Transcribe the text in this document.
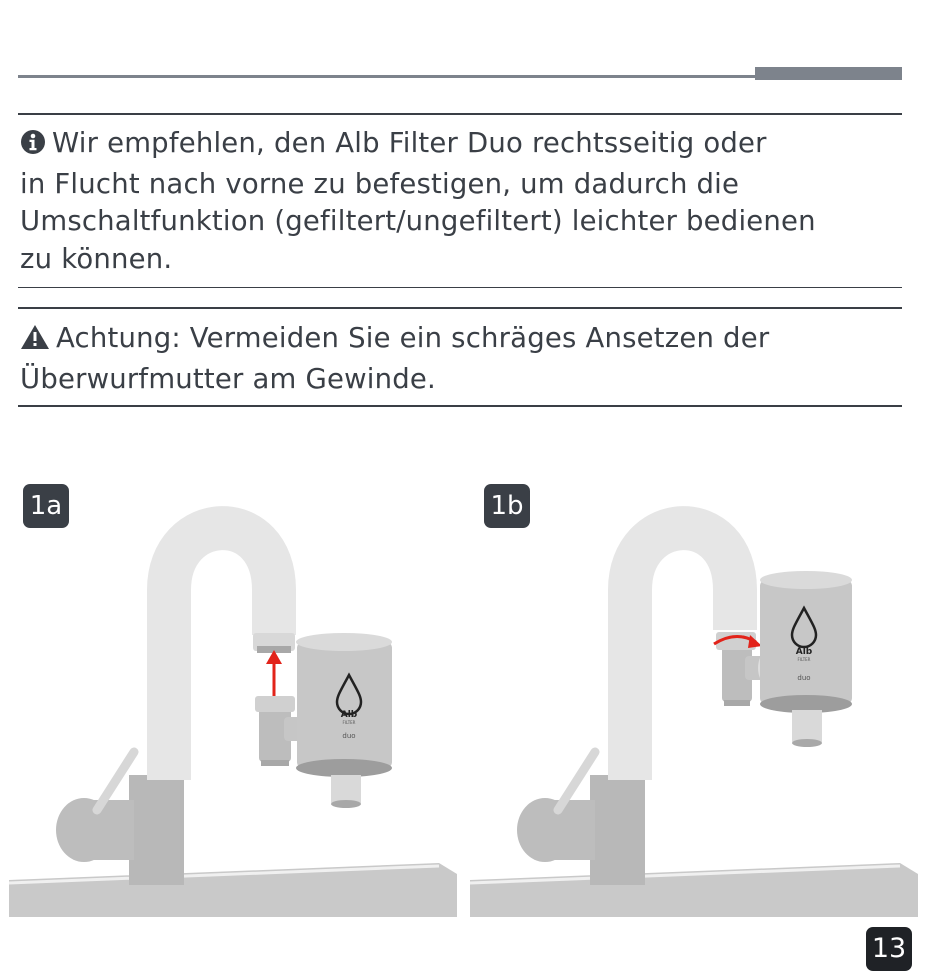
Wir empfehlen, den Alb Filter Duo rechtsseitig oder
in Flucht nach vorne zu befestigen, um dadurch die
Umschaltfunktion (gefiltert/ungefiltert) leichter bedienen
zu können.
Achtung: Vermeiden Sie ein schräges Ansetzen der
Überwurfmutter am Gewinde.
Alb
FILTER
duo
1a
Alb
FILTER
duo
1b
13
